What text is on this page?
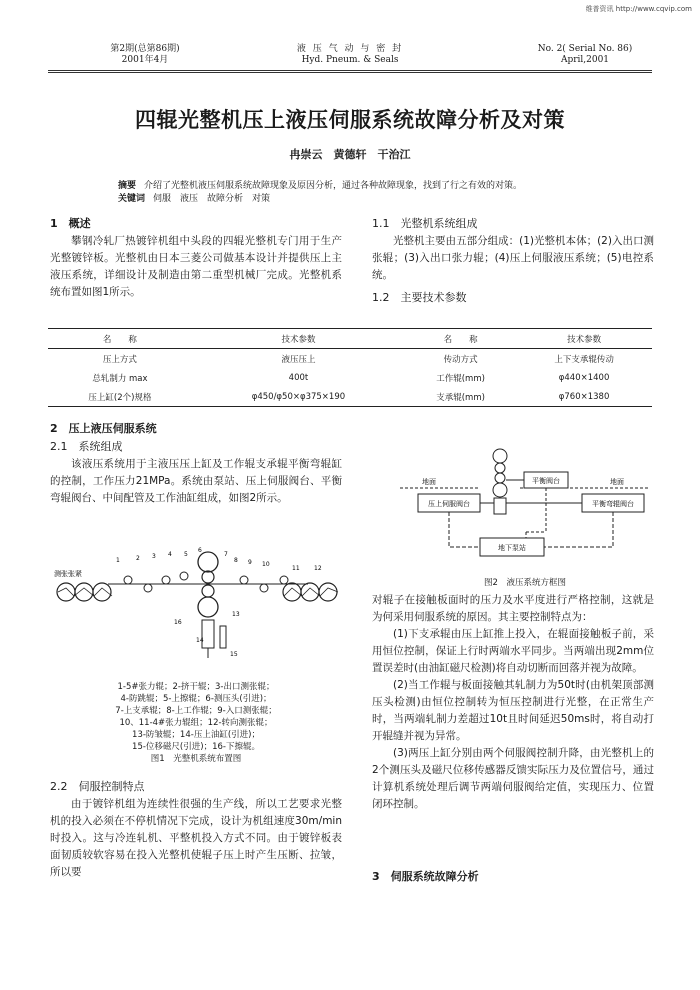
维普资讯 http://www.cqvip.com
第2期(总第86期)
2001年4月
液 压 气 动 与 密 封
Hyd. Pneum. & Seals
No. 2( Serial No. 86)
April,2001
四辊光整机压上液压伺服系统故障分析及对策
冉崇云　黄德轩　干治江
摘要 介绍了光整机液压伺服系统故障现象及原因分析，通过各种故障现象，找到了行之有效的对策。
关键词 伺服　液压　故障分析　对策
1　概述
攀钢冷轧厂热镀锌机组中头段的四辊光整机专门用于生产光整镀锌板。光整机由日本三菱公司做基本设计并提供压上主液压系统，详细设计及制造由第二重型机械厂完成。光整机系统布置如图1所示。
1.1　光整机系统组成
光整机主要由五部分组成：(1)光整机本体；(2)入出口测张辊；(3)入出口张力辊；(4)压上伺服液压系统；(5)电控系统。
1.2　主要技术参数
名　　称	技术参数	名　　称	技术参数
压上方式	液压压上	传动方式	上下支承辊传动
总轧制力 max	400t	工作辊(mm)	φ440×1400
压上缸(2个)规格	φ450/φ50×φ375×190	支承辊(mm)	φ760×1380
2　压上液压伺服系统
2.1　系统组成
该液压系统用于主液压压上缸及工作辊支承辊平衡弯辊缸的控制，工作压力21MPa。系统由泵站、压上伺服阀台、平衡弯辊阀台、中间配管及工作油缸组成，如图2所示。
测张张紧
1	2 3 4 5
6
7
8 9 10
11 12
13
14
15
16
1-5#张力辊；2-挤干辊；3-出口测张辊；
4-防跳辊；5-上擦辊；6-测压头(引进)；
7-上支承辊；8-上工作辊；9-入口测张辊；
10、11-4#张力辊组；12-转向测张辊；
13-防皱辊；14-压上油缸(引进)；
15-位移磁尺(引进)；16-下擦辊。
图1　光整机系统布置图
2.2　伺服控制特点
由于镀锌机组为连续性很强的生产线，所以工艺要求光整机的投入必须在不停机情况下完成，设计为机组速度30m/min时投入。这与冷连轧机、平整机投入方式不同。由于镀锌板表面韧质较软容易在投入光整机使辊子压上时产生压断、拉皱，所以要
地面	地面
压上伺服阀台
平衡阀台
平衡弯辊阀台
地下泵站
图2　液压系统方框图

对辊子在接触板面时的压力及水平度进行严格控制，这就是为何采用伺服系统的原因。其主要控制特点为：

(1)下支承辊由压上缸推上投入，在辊面接触板子前，采用恒位控制，保证上行时两端水平同步。当两端出现2mm位置误差时(由油缸磁尺检测)将自动切断而回落并视为故障。

(2)当工作辊与板面接触其轧制力为50t时(由机架顶部测压头检测)由恒位控制转为恒压控制进行光整，在正常生产时，当两端轧制力差超过10t且时间延迟50ms时，将自动打开辊缝并视为异常。

(3)两压上缸分别由两个伺服阀控制升降，由光整机上的2个测压头及磁尺位移传感器反馈实际压力及位置信号，通过计算机系统处理后调节两端伺服阀给定值，实现压力、位置闭环控制。

3　伺服系统故障分析
